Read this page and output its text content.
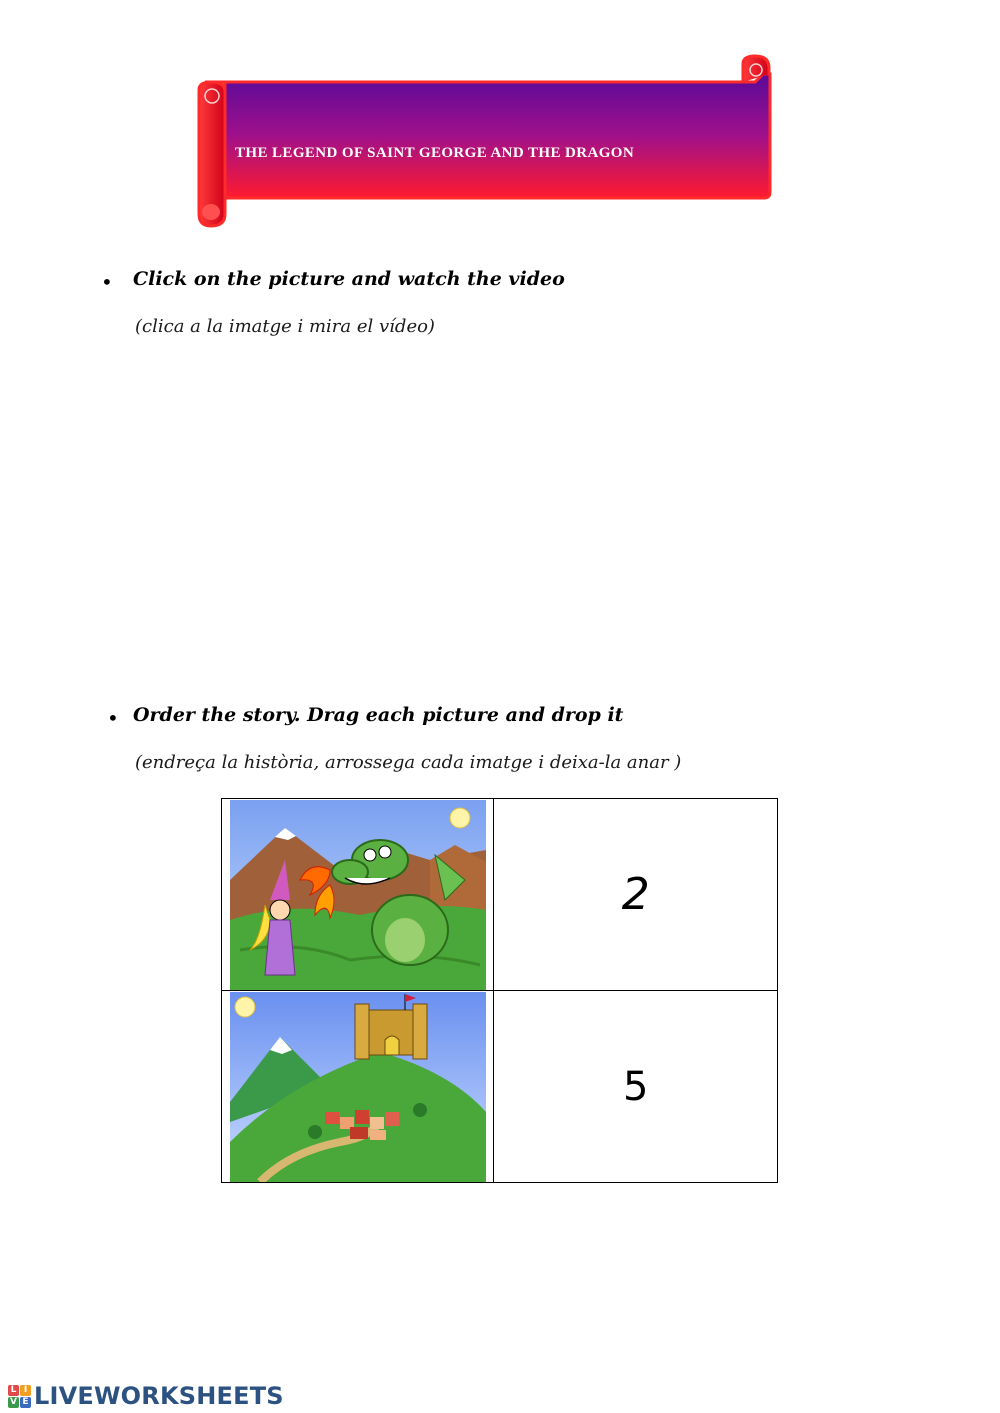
THE LEGEND OF SAINT GEORGE AND THE DRAGON
• Click on the picture and watch the video
(clica a la imatge i mira el vídeo)
• Order the story. Drag each picture and drop it
(endreça la història, arrossega cada imatge i deixa-la anar )
	2

	5
L I
V E LIVEWORKSHEETS
